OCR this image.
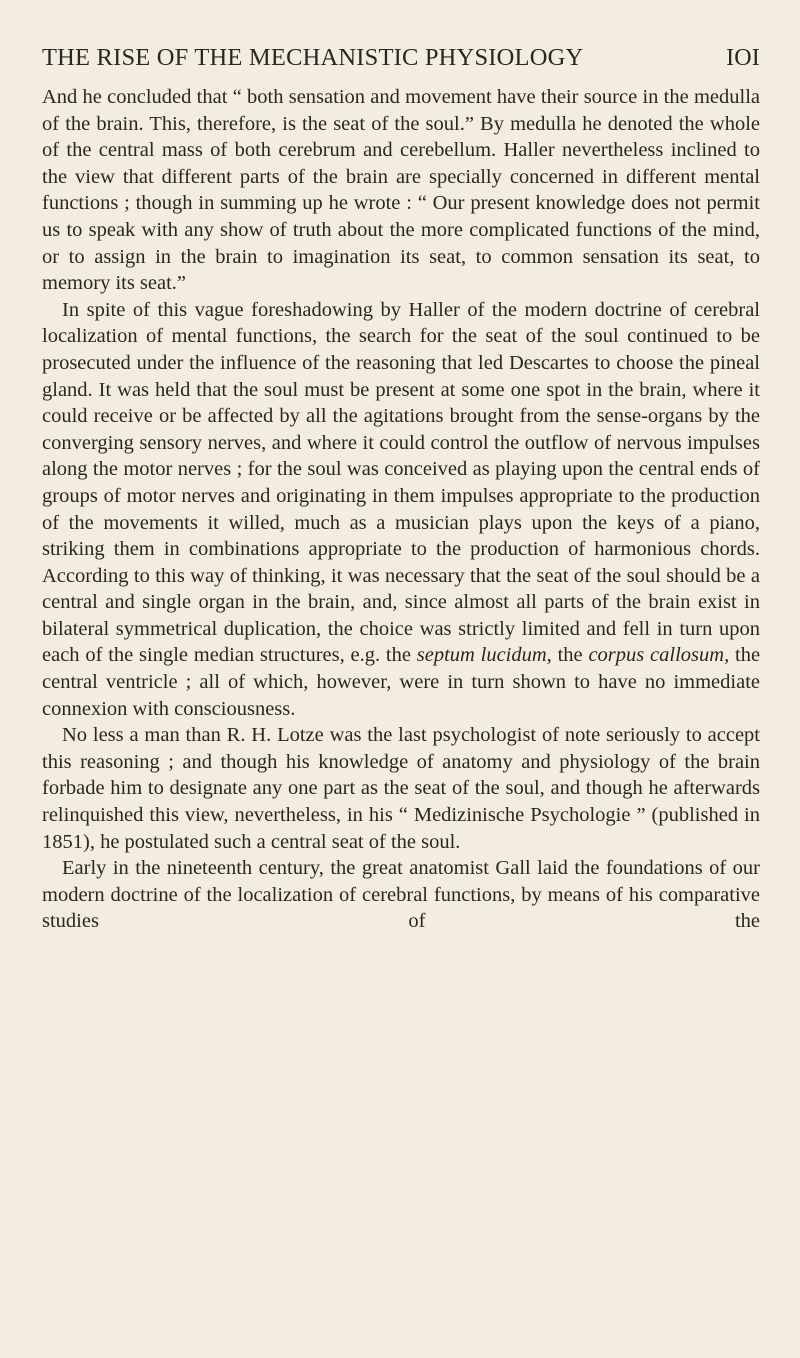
THE RISE OF THE MECHANISTIC PHYSIOLOGY	IOI

And he concluded that “ both sensation and movement have their source in the medulla of the brain. This, therefore, is the seat of the soul.” By medulla he denoted the whole of the central mass of both cerebrum and cerebellum. Haller nevertheless inclined to the view that different parts of the brain are specially concerned in different mental functions ; though in summing up he wrote : “ Our present knowledge does not permit us to speak with any show of truth about the more complicated functions of the mind, or to assign in the brain to imagination its seat, to common sensation its seat, to memory its seat.”

In spite of this vague foreshadowing by Haller of the modern doctrine of cerebral localization of mental functions, the search for the seat of the soul continued to be prosecuted under the influence of the reasoning that led Descartes to choose the pineal gland. It was held that the soul must be present at some one spot in the brain, where it could receive or be affected by all the agitations brought from the sense-organs by the converging sensory nerves, and where it could control the outflow of nervous impulses along the motor nerves ; for the soul was conceived as playing upon the central ends of groups of motor nerves and originating in them impulses appropriate to the production of the movements it willed, much as a musician plays upon the keys of a piano, striking them in combinations appropriate to the production of harmonious chords. According to this way of thinking, it was necessary that the seat of the soul should be a central and single organ in the brain, and, since almost all parts of the brain exist in bilateral symmetrical duplication, the choice was strictly limited and fell in turn upon each of the single median structures, e.g. the septum lucidum, the corpus callosum, the central ventricle ; all of which, however, were in turn shown to have no immediate connexion with consciousness.

No less a man than R. H. Lotze was the last psychologist of note seriously to accept this reasoning ; and though his knowledge of anatomy and physiology of the brain forbade him to designate any one part as the seat of the soul, and though he afterwards relinquished this view, nevertheless, in his “ Medizinische Psychologie ” (published in 1851), he postulated such a central seat of the soul.

Early in the nineteenth century, the great anatomist Gall laid the foundations of our modern doctrine of the localization of cerebral functions, by means of his comparative studies of the
